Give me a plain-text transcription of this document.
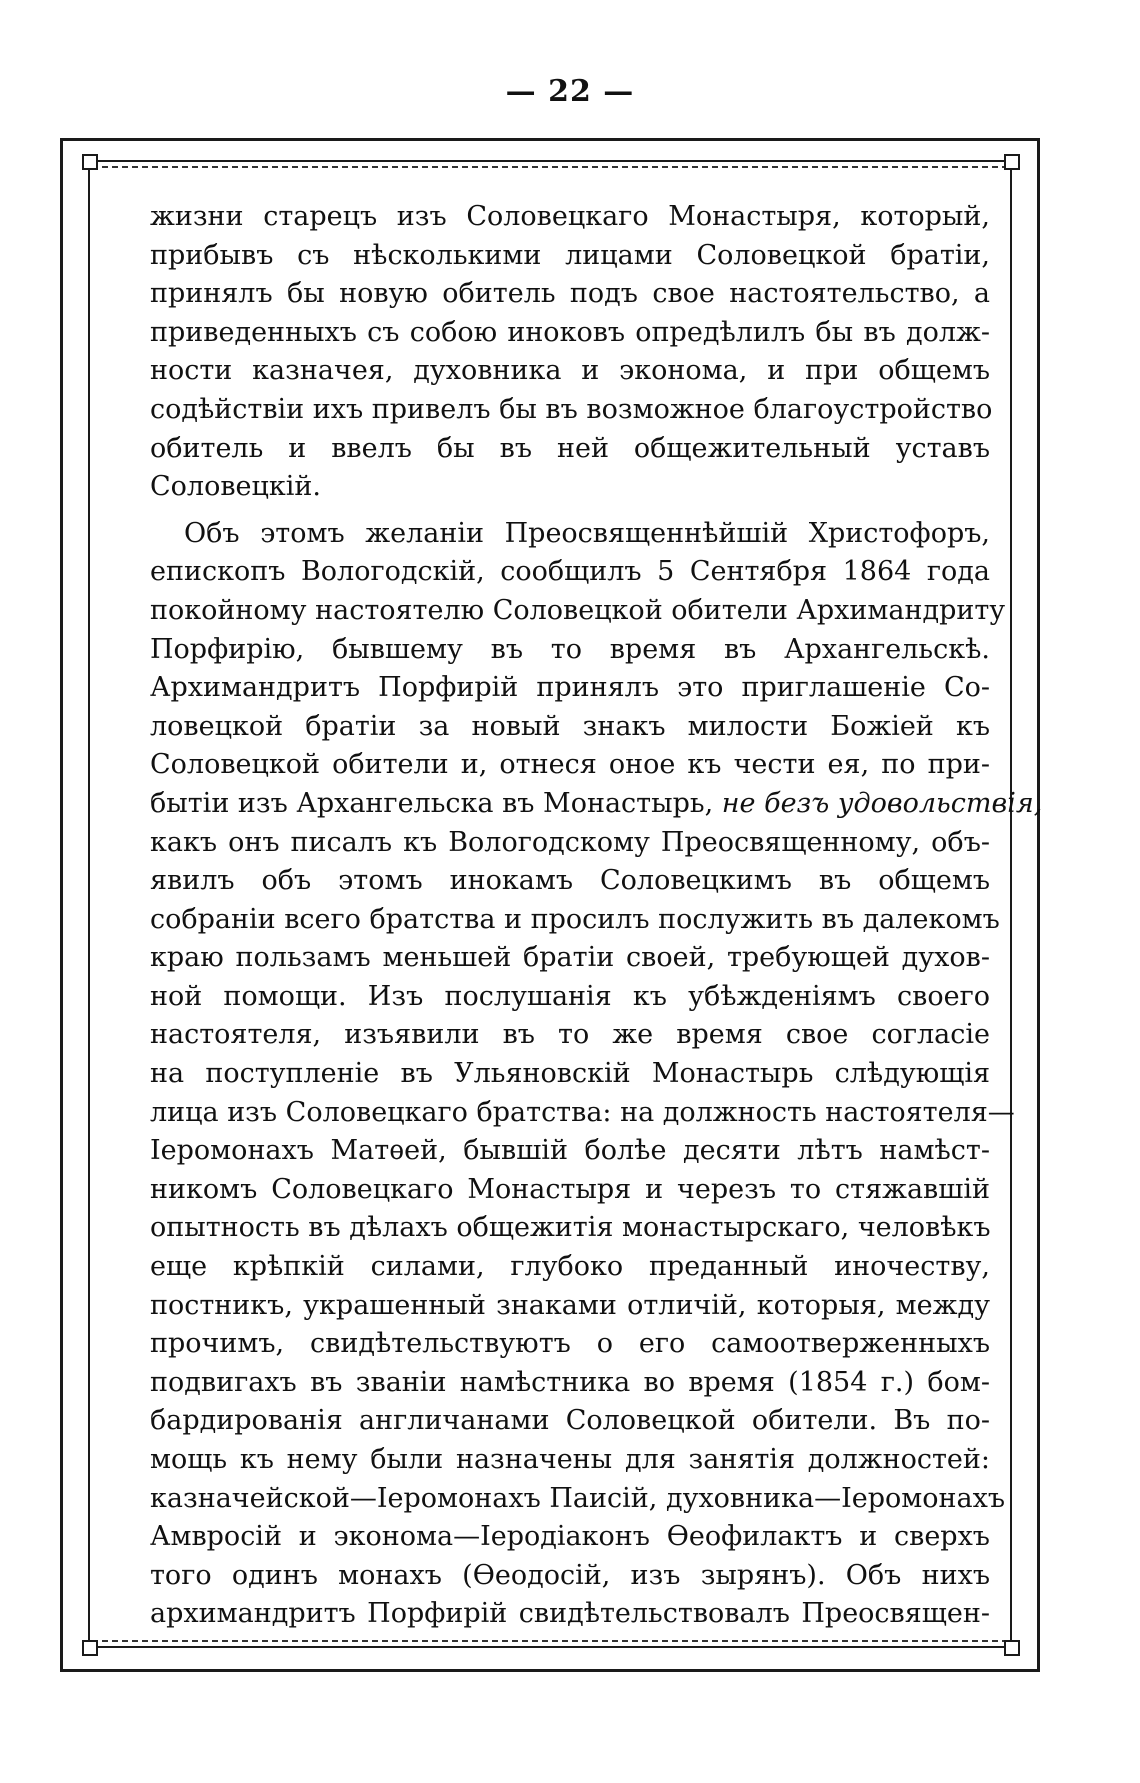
— 22 —
жизни старецъ изъ Соловецкаго Монастыря, который,
прибывъ съ нѣсколькими лицами Соловецкой братіи,
принялъ бы новую обитель подъ свое настоятельство, а
приведенныхъ съ собою иноковъ опредѣлилъ бы въ долж-
ности казначея, духовника и эконома, и при общемъ
содѣйствіи ихъ привелъ бы въ возможное благоустройство
обитель и ввелъ бы въ ней общежительный уставъ
Соловецкій.
Объ этомъ желаніи Преосвященнѣйшій Христофоръ,
епископъ Вологодскій, сообщилъ 5 Сентября 1864 года
покойному настоятелю Соловецкой обители Архимандриту
Порфирію, бывшему въ то время въ Архангельскѣ.
Архимандритъ Порфирій принялъ это приглашеніе Со-
ловецкой братіи за новый знакъ милости Божіей къ
Соловецкой обители и, отнеся оное къ чести ея, по при-
бытіи изъ Архангельска въ Монастырь, не безъ удовольствія,
какъ онъ писалъ къ Вологодскому Преосвященному, объ-
явилъ объ этомъ инокамъ Соловецкимъ въ общемъ
собраніи всего братства и просилъ послужить въ далекомъ
краю пользамъ меньшей братіи своей, требующей духов-
ной помощи. Изъ послушанія къ убѣжденіямъ своего
настоятеля, изъявили въ то же время свое согласіе
на поступленіе въ Ульяновскій Монастырь слѣдующія
лица изъ Соловецкаго братства: на должность настоятеля—
Іеромонахъ Матѳей, бывшій болѣе десяти лѣтъ намѣст-
никомъ Соловецкаго Монастыря и черезъ то стяжавшій
опытность въ дѣлахъ общежитія монастырскаго, человѣкъ
еще крѣпкій силами, глубоко преданный иночеству,
постникъ, украшенный знаками отличій, которыя, между
прочимъ, свидѣтельствуютъ о его самоотверженныхъ
подвигахъ въ званіи намѣстника во время (1854 г.) бом-
бардированія англичанами Соловецкой обители. Въ по-
мощь къ нему были назначены для занятія должностей:
казначейской—Іеромонахъ Паисій, духовника—Іеромонахъ
Амвросій и эконома—Іеродіаконъ Ѳеофилактъ и сверхъ
того одинъ монахъ (Ѳеодосій, изъ зырянъ). Объ нихъ
архимандритъ Порфирій свидѣтельствовалъ Преосвящен-
